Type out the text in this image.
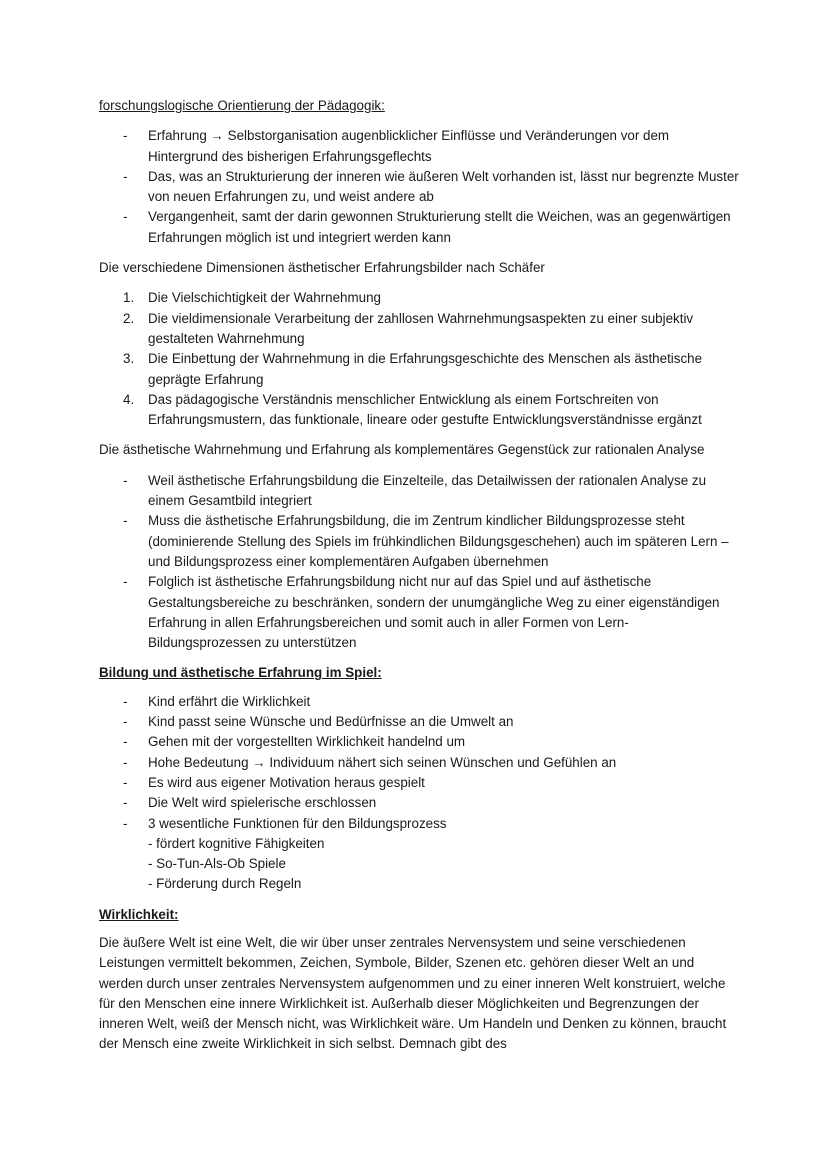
forschungslogische Orientierung der Pädagogik:

- Erfahrung → Selbstorganisation augenblicklicher Einflüsse und Veränderungen vor dem Hintergrund des bisherigen Erfahrungsgeflechts
- Das, was an Strukturierung der inneren wie äußeren Welt vorhanden ist, lässt nur begrenzte Muster von neuen Erfahrungen zu, und weist andere ab
- Vergangenheit, samt der darin gewonnen Strukturierung stellt die Weichen, was an gegenwärtigen Erfahrungen möglich ist und integriert werden kann

Die verschiedene Dimensionen ästhetischer Erfahrungsbilder nach Schäfer

1. Die Vielschichtigkeit der Wahrnehmung
2. Die vieldimensionale Verarbeitung der zahllosen Wahrnehmungsaspekten zu einer subjektiv gestalteten Wahrnehmung
3. Die Einbettung der Wahrnehmung in die Erfahrungsgeschichte des Menschen als ästhetische geprägte Erfahrung
4. Das pädagogische Verständnis menschlicher Entwicklung als einem Fortschreiten von Erfahrungsmustern, das funktionale, lineare oder gestufte Entwicklungsverständnisse ergänzt

Die ästhetische Wahrnehmung und Erfahrung als komplementäres Gegenstück zur rationalen Analyse

- Weil ästhetische Erfahrungsbildung die Einzelteile, das Detailwissen der rationalen Analyse zu einem Gesamtbild integriert
- Muss die ästhetische Erfahrungsbildung, die im Zentrum kindlicher Bildungsprozesse steht (dominierende Stellung des Spiels im frühkindlichen Bildungsgeschehen) auch im späteren Lern – und Bildungsprozess einer komplementären Aufgaben übernehmen
- Folglich ist ästhetische Erfahrungsbildung nicht nur auf das Spiel und auf ästhetische Gestaltungsbereiche zu beschränken, sondern der unumgängliche Weg zu einer eigenständigen Erfahrung in allen Erfahrungsbereichen und somit auch in aller Formen von Lern- Bildungsprozessen zu unterstützen

Bildung und ästhetische Erfahrung im Spiel:

- Kind erfährt die Wirklichkeit
- Kind passt seine Wünsche und Bedürfnisse an die Umwelt an
- Gehen mit der vorgestellten Wirklichkeit handelnd um
- Hohe Bedeutung → Individuum nähert sich seinen Wünschen und Gefühlen an
- Es wird aus eigener Motivation heraus gespielt
- Die Welt wird spielerische erschlossen
- 3 wesentliche Funktionen für den Bildungsprozess
- fördert kognitive Fähigkeiten
- So-Tun-Als-Ob Spiele
- Förderung durch Regeln

Wirklichkeit:

Die äußere Welt ist eine Welt, die wir über unser zentrales Nervensystem und seine verschiedenen Leistungen vermittelt bekommen, Zeichen, Symbole, Bilder, Szenen etc. gehören dieser Welt an und werden durch unser zentrales Nervensystem aufgenommen und zu einer inneren Welt konstruiert, welche für den Menschen eine innere Wirklichkeit ist. Außerhalb dieser Möglichkeiten und Begrenzungen der inneren Welt, weiß der Mensch nicht, was Wirklichkeit wäre. Um Handeln und Denken zu können, braucht der Mensch eine zweite Wirklichkeit in sich selbst. Demnach gibt des
